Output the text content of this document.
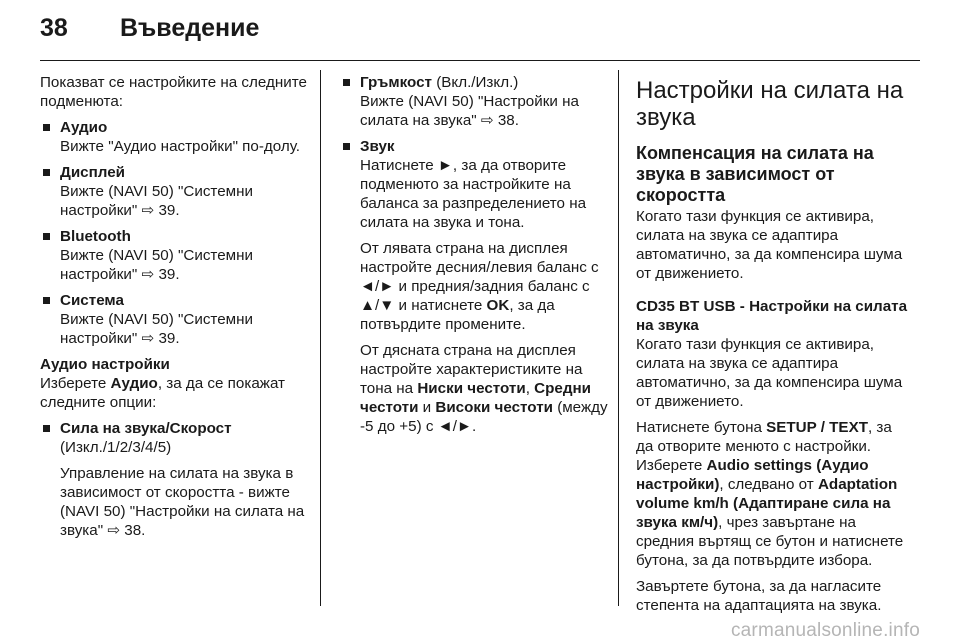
38	Въведение

Показват се настройките на следните подменюта:

Аудио
Вижте "Аудио настройки" по-долу.
Дисплей
Вижте (NAVI 50) "Системни настройки" ⇨ 39.
Bluetooth
Вижте (NAVI 50) "Системни настройки" ⇨ 39.
Система
Вижте (NAVI 50) "Системни настройки" ⇨ 39.

Аудио настройки

Изберете Аудио, за да се покажат следните опции:

Сила на звука/Скорост (Изкл./1/2/3/4/5)
Управление на силата на звука в зависимост от скоростта - вижте (NAVI 50) "Настройки на силата на звука" ⇨ 38.
Гръмкост (Вкл./Изкл.)
Вижте (NAVI 50) "Настройки на силата на звука" ⇨ 38.
Звук
Натиснете ►, за да отворите подменюто за настройките на баланса за разпределението на силата на звука и тона.
От лявата страна на дисплея настройте десния/левия баланс с ◄/► и предния/задния баланс с ▲/▼ и натиснете OK, за да потвърдите промените.
От дясната страна на дисплея настройте характеристиките на тона на Ниски честоти, Средни честоти и Високи честоти (между -5 до +5) с ◄/►.
Настройки на силата на звука
Компенсация на силата на звука в зависимост от скоростта

Когато тази функция се активира, силата на звука се адаптира автоматично, за да компенсира шума от движението.

CD35 BT USB - Настройки на силата на звука

Когато тази функция се активира, силата на звука се адаптира автоматично, за да компенсира шума от движението.

Натиснете бутона SETUP / TEXT, за да отворите менюто с настройки. Изберете Audio settings (Аудио настройки), следвано от Adaptation volume km/h (Адаптиране сила на звука км/ч), чрез завъртане на средния въртящ се бутон и натиснете бутона, за да потвърдите избора.

Завъртете бутона, за да нагласите степента на адаптацията на звука.

carmanualsonline.info
